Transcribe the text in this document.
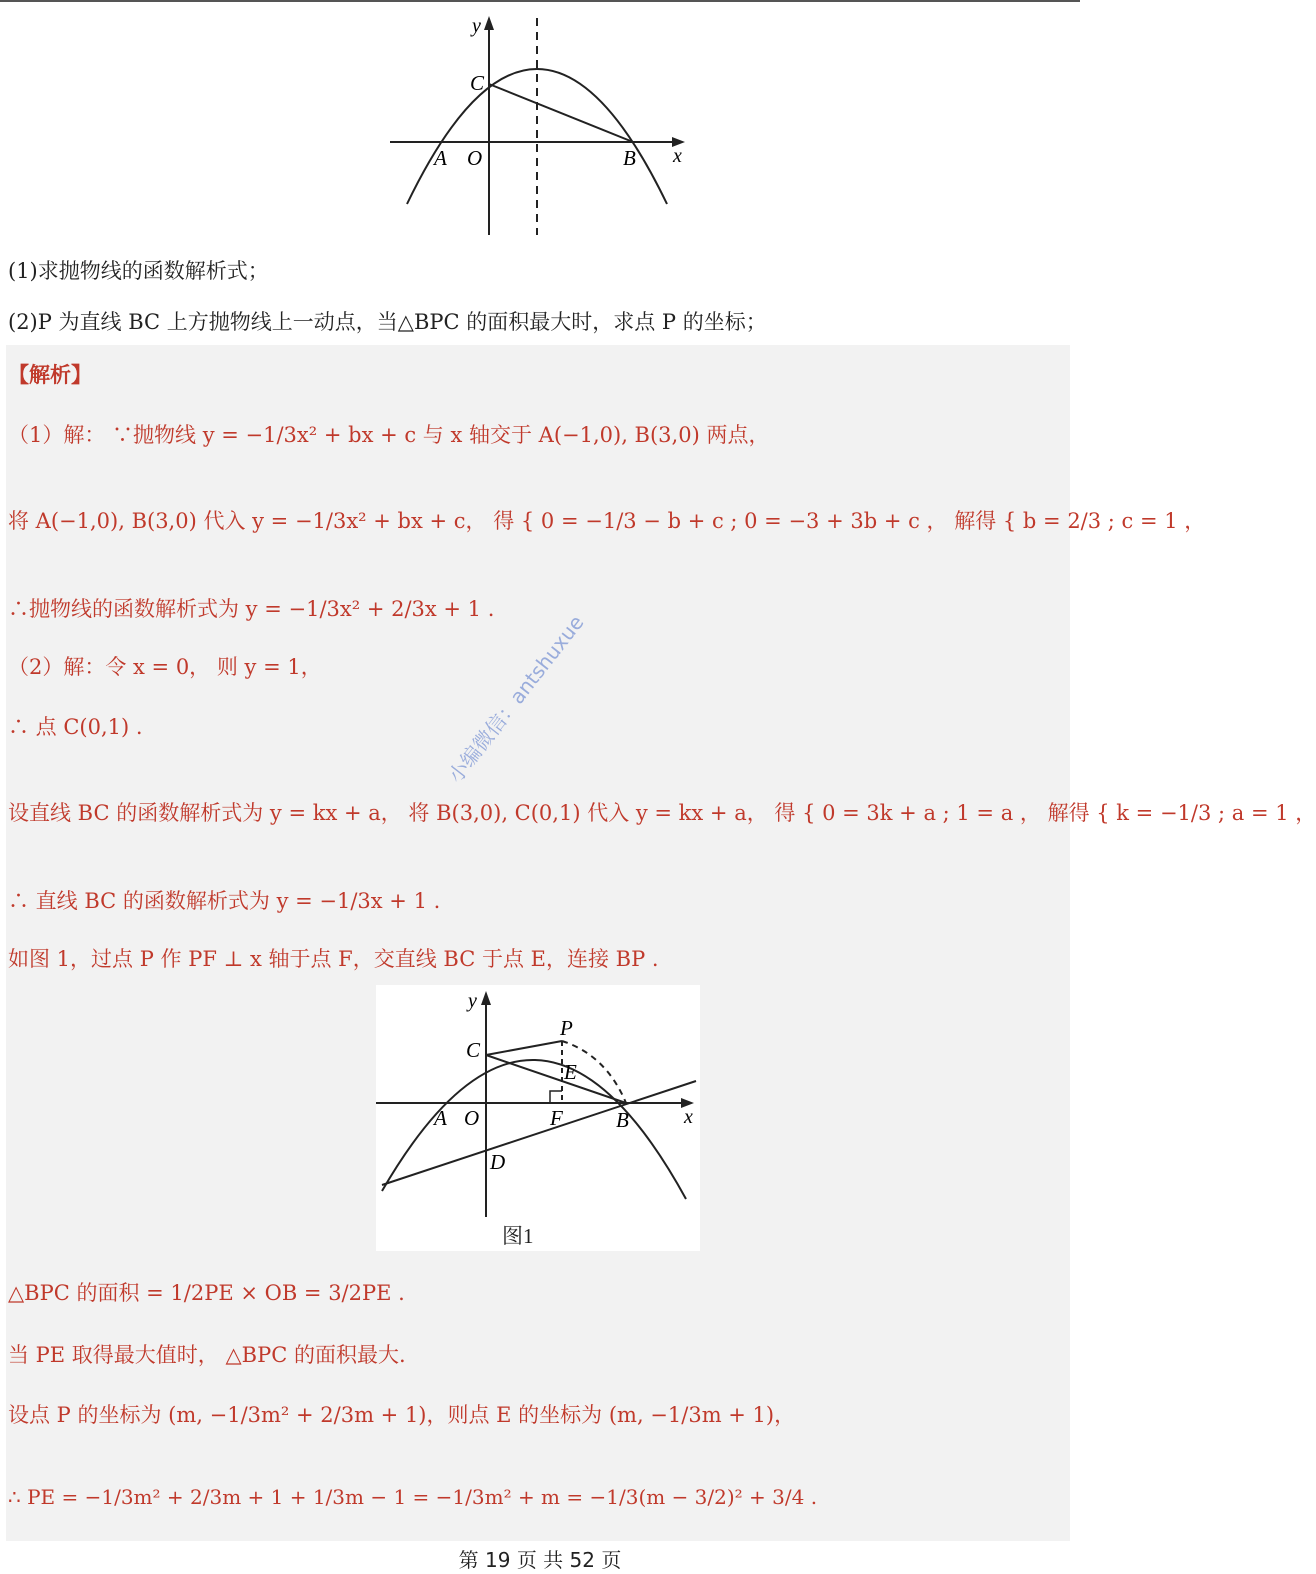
y
x
C
A O	B
(1)求抛物线的函数解析式；
(2)P 为直线 BC 上方抛物线上一动点，当△BPC 的面积最大时，求点 P 的坐标；
【解析】
（1）解： ∵抛物线 y = −1/3x² + bx + c 与 x 轴交于 A(−1,0), B(3,0) 两点，
将 A(−1,0), B(3,0) 代入 y = −1/3x² + bx + c， 得 { 0 = −1/3 − b + c ; 0 = −3 + 3b + c ， 解得 { b = 2/3 ; c = 1 ，
∴抛物线的函数解析式为 y = −1/3x² + 2/3x + 1 .
（2）解：令 x = 0， 则 y = 1，
∴ 点 C(0,1) .
设直线 BC 的函数解析式为 y = kx + a， 将 B(3,0), C(0,1) 代入 y = kx + a， 得 { 0 = 3k + a ; 1 = a ， 解得 { k = −1/3 ; a = 1 ，
∴ 直线 BC 的函数解析式为 y = −1/3x + 1 .
如图 1，过点 P 作 PF ⊥ x 轴于点 F，交直线 BC 于点 E，连接 BP .
y
x
C
P
E
A O	F	B
D
图1
△BPC 的面积 = 1/2PE × OB = 3/2PE .
当 PE 取得最大值时， △BPC 的面积最大.
设点 P 的坐标为 (m, −1/3m² + 2/3m + 1)，则点 E 的坐标为 (m, −1/3m + 1)，
∴ PE = −1/3m² + 2/3m + 1 + 1/3m − 1 = −1/3m² + m = −1/3(m − 3/2)² + 3/4 .
小编微信：antshuxue
第 19 页 共 52 页
